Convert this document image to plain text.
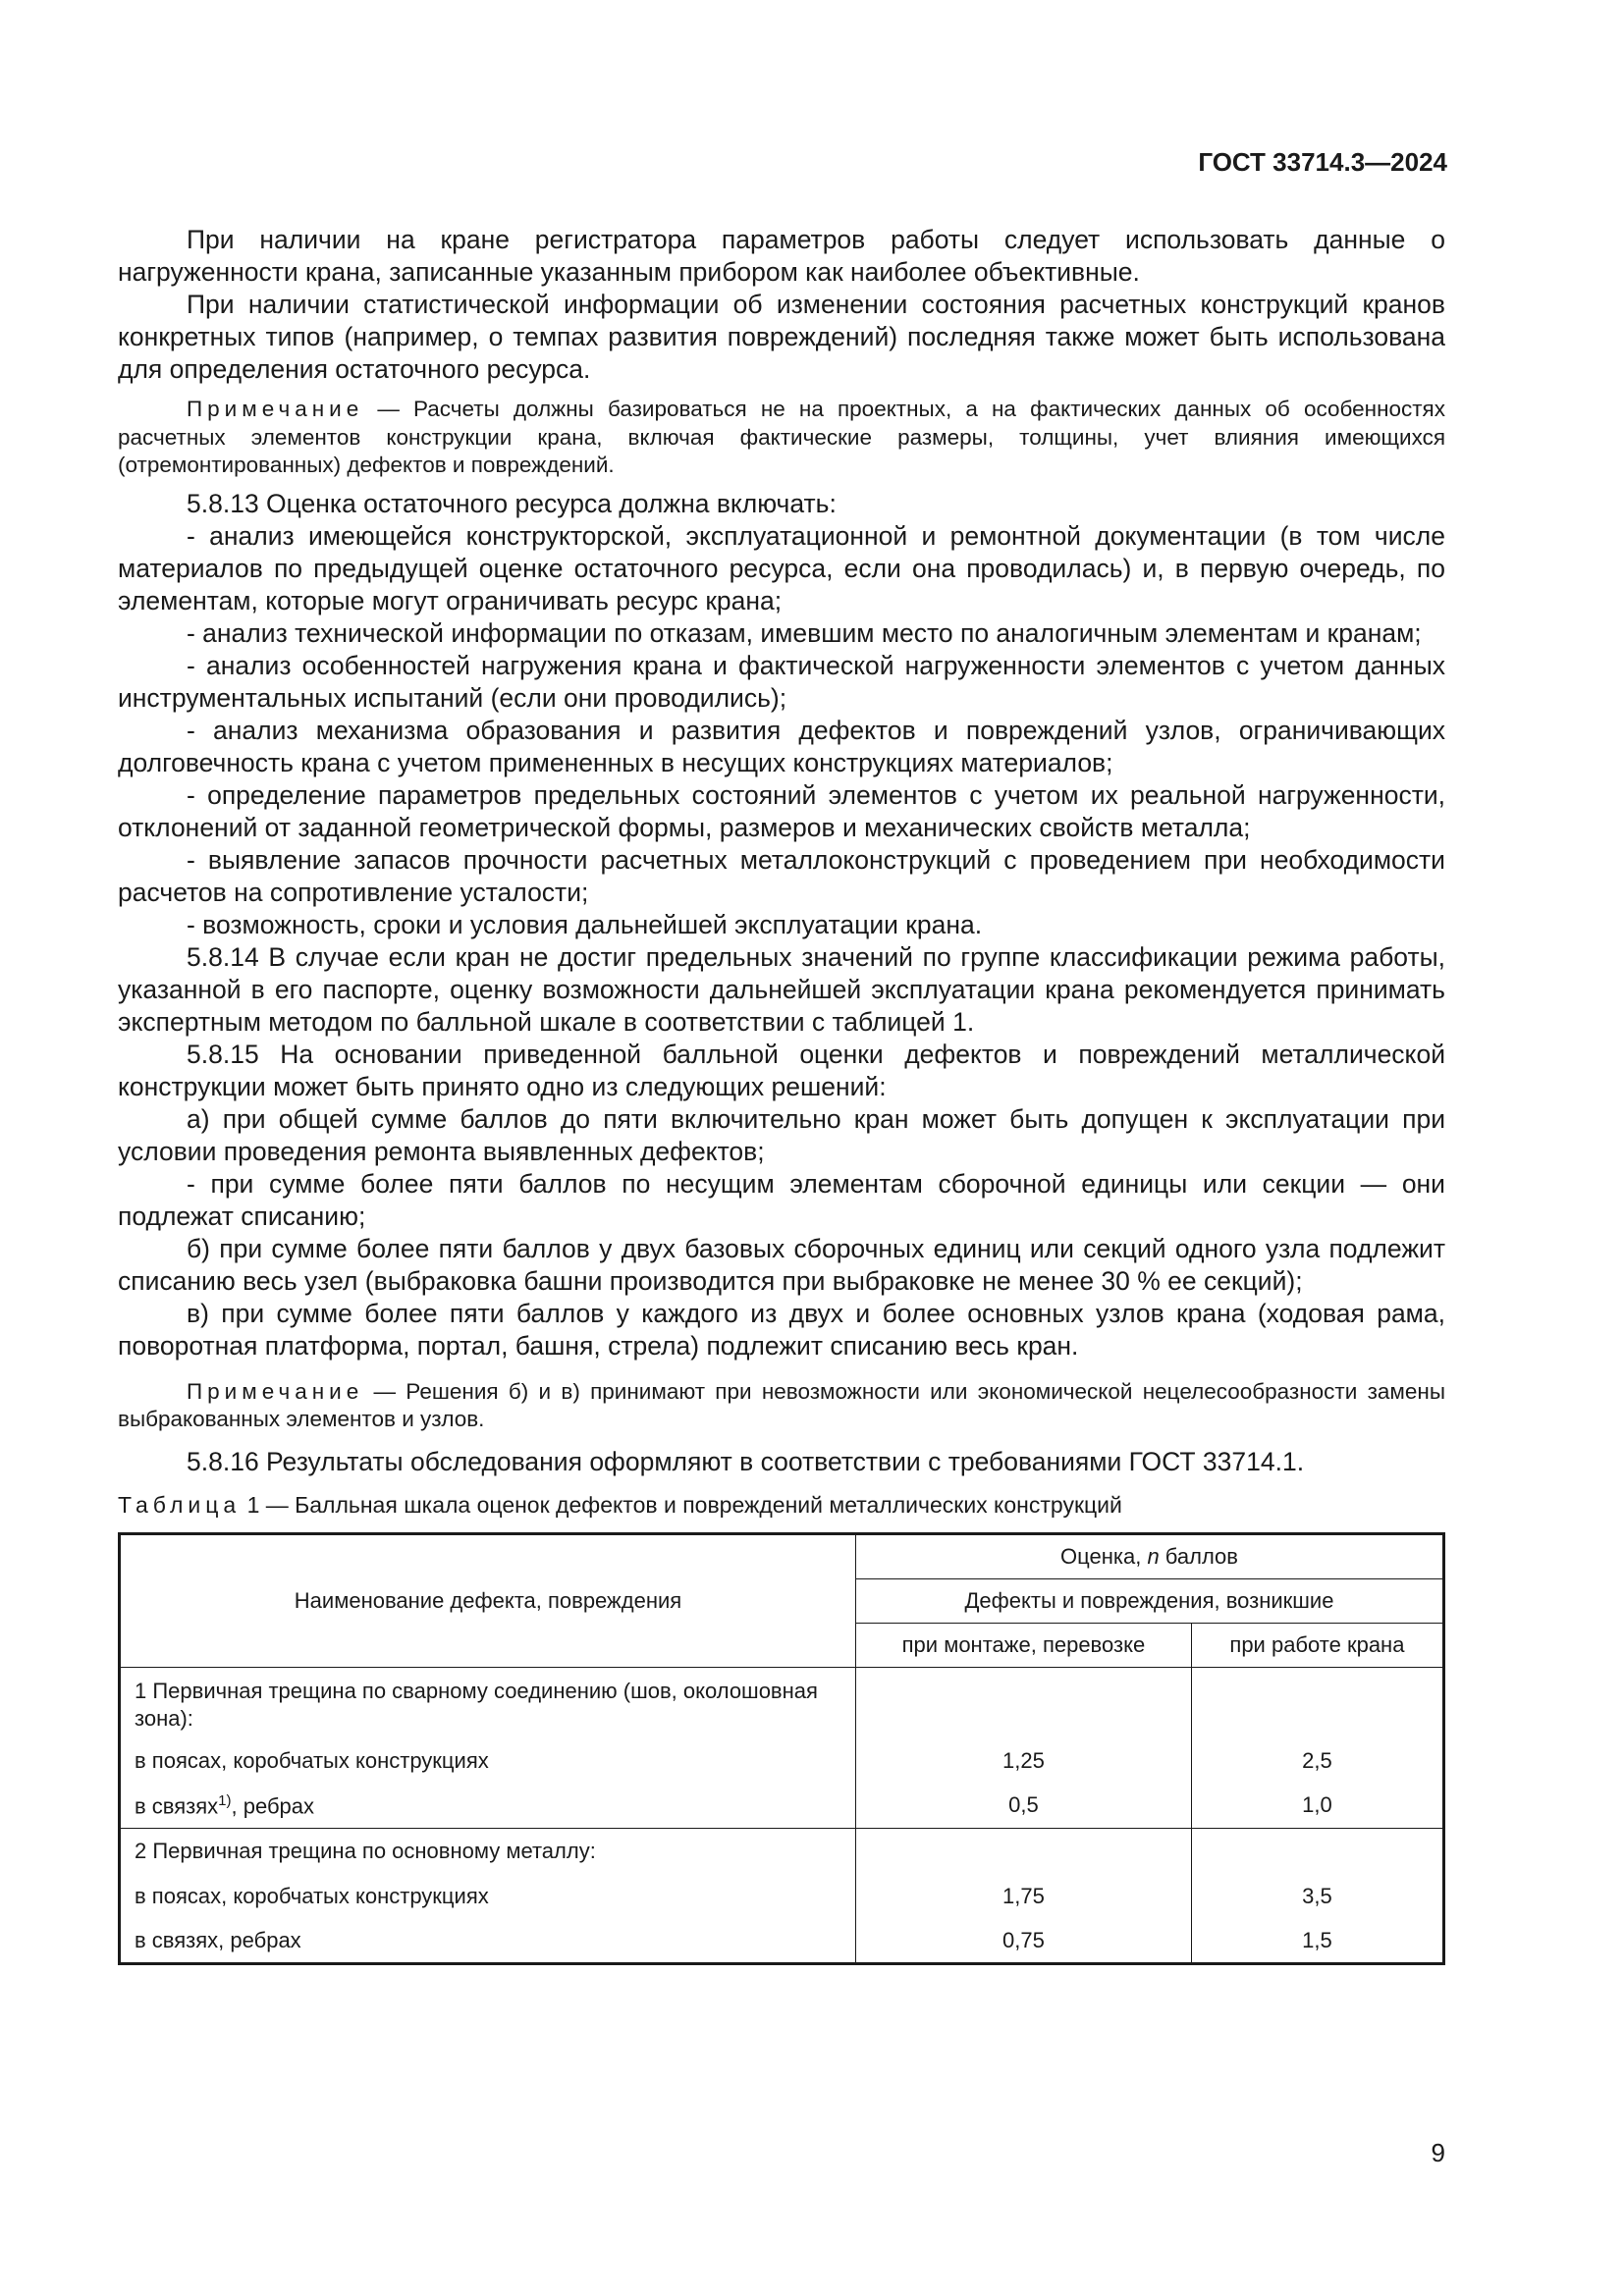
ГОСТ 33714.3—2024

При наличии на кране регистратора параметров работы следует использовать данные о нагруженности крана, записанные указанным прибором как наиболее объективные.

При наличии статистической информации об изменении состояния расчетных конструкций кранов конкретных типов (например, о темпах развития повреждений) последняя также может быть использована для определения остаточного ресурса.

Примечание — Расчеты должны базироваться не на проектных, а на фактических данных об особенностях расчетных элементов конструкции крана, включая фактические размеры, толщины, учет влияния имеющихся (отремонтированных) дефектов и повреждений.

5.8.13 Оценка остаточного ресурса должна включать:

- анализ имеющейся конструкторской, эксплуатационной и ремонтной документации (в том числе материалов по предыдущей оценке остаточного ресурса, если она проводилась) и, в первую очередь, по элементам, которые могут ограничивать ресурс крана;

- анализ технической информации по отказам, имевшим место по аналогичным элементам и кранам;

- анализ особенностей нагружения крана и фактической нагруженности элементов с учетом данных инструментальных испытаний (если они проводились);

- анализ механизма образования и развития дефектов и повреждений узлов, ограничивающих долговечность крана с учетом примененных в несущих конструкциях материалов;

- определение параметров предельных состояний элементов с учетом их реальной нагруженности, отклонений от заданной геометрической формы, размеров и механических свойств металла;

- выявление запасов прочности расчетных металлоконструкций с проведением при необходимости расчетов на сопротивление усталости;

- возможность, сроки и условия дальнейшей эксплуатации крана.

5.8.14 В случае если кран не достиг предельных значений по группе классификации режима работы, указанной в его паспорте, оценку возможности дальнейшей эксплуатации крана рекомендуется принимать экспертным методом по балльной шкале в соответствии с таблицей 1.

5.8.15 На основании приведенной балльной оценки дефектов и повреждений металлической конструкции может быть принято одно из следующих решений:

а) при общей сумме баллов до пяти включительно кран может быть допущен к эксплуатации при условии проведения ремонта выявленных дефектов;

- при сумме более пяти баллов по несущим элементам сборочной единицы или секции — они подлежат списанию;

б) при сумме более пяти баллов у двух базовых сборочных единиц или секций одного узла подлежит списанию весь узел (выбраковка башни производится при выбраковке не менее 30 % ее секций);

в) при сумме более пяти баллов у каждого из двух и более основных узлов крана (ходовая рама, поворотная платформа, портал, башня, стрела) подлежит списанию весь кран.

Примечание — Решения б) и в) принимают при невозможности или экономической нецелесообразности замены выбракованных элементов и узлов.

5.8.16 Результаты обследования оформляют в соответствии с требованиями ГОСТ 33714.1.

Таблица 1 — Балльная шкала оценок дефектов и повреждений металлических конструкций
Наименование дефекта, повреждения	Оценка, n баллов	
	Дефекты и повреждения, возникшие	
	при монтаже, перевозке	при работе крана
1 Первичная трещина по сварному соединению (шов, околошовная зона):		
в поясах, коробчатых конструкциях	1,25	2,5
в связях$^{1)}$, ребрах	0,5	1,0
2 Первичная трещина по основному металлу:		
в поясах, коробчатых конструкциях	1,75	3,5
в связях, ребрах	0,75	1,5
9
